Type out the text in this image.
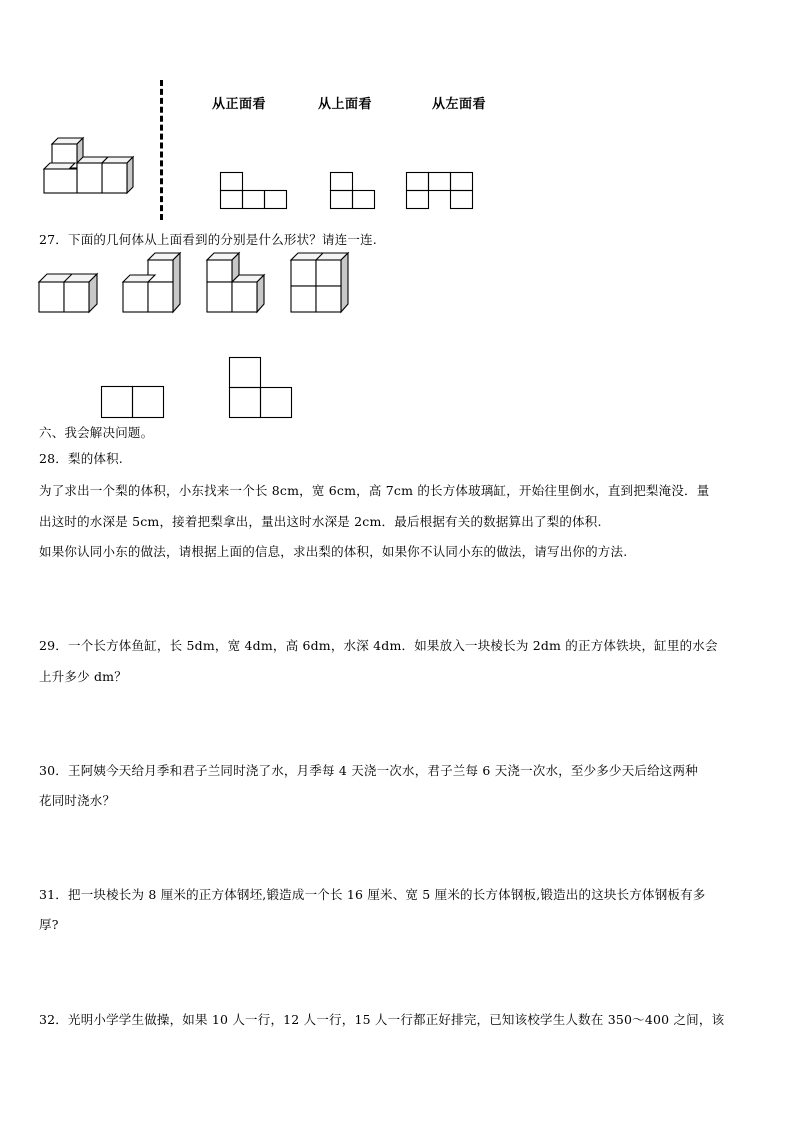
从正面看	从上面看	从左面看
27．下面的几何体从上面看到的分别是什么形状？请连一连.
六、我会解决问题。
28．梨的体积.
为了求出一个梨的体积，小东找来一个长 8cm，宽 6cm，高 7cm 的长方体玻璃缸，开始往里倒水，直到把梨淹没．量
出这时的水深是 5cm，接着把梨拿出，量出这时水深是 2cm．最后根据有关的数据算出了梨的体积.
如果你认同小东的做法，请根据上面的信息，求出梨的体积，如果你不认同小东的做法，请写出你的方法.
29．一个长方体鱼缸，长 5dm，宽 4dm，高 6dm，水深 4dm．如果放入一块棱长为 2dm 的正方体铁块，缸里的水会
上升多少 dm？
30．王阿姨今天给月季和君子兰同时浇了水，月季每 4 天浇一次水，君子兰每 6 天浇一次水，至少多少天后给这两种
花同时浇水？
31．把一块棱长为 8 厘米的正方体钢坯,锻造成一个长 16 厘米、宽 5 厘米的长方体钢板,锻造出的这块长方体钢板有多
厚?
32．光明小学学生做操，如果 10 人一行，12 人一行，15 人一行都正好排完，已知该校学生人数在 350～400 之间，该
